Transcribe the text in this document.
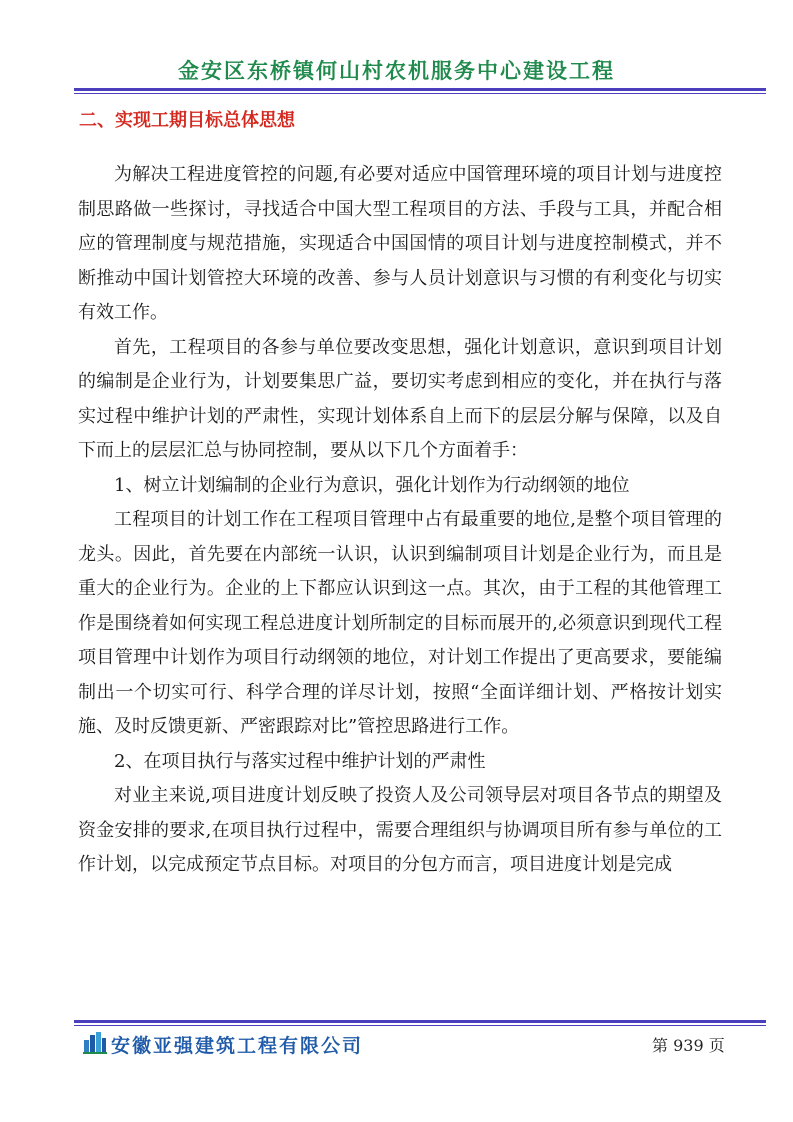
金安区东桥镇何山村农机服务中心建设工程
二、实现工期目标总体思想

为解决工程进度管控的问题,有必要对适应中国管理环境的项目计划与进度控制思路做一些探讨，寻找适合中国大型工程项目的方法、手段与工具，并配合相应的管理制度与规范措施，实现适合中国国情的项目计划与进度控制模式，并不断推动中国计划管控大环境的改善、参与人员计划意识与习惯的有利变化与切实有效工作。

首先，工程项目的各参与单位要改变思想，强化计划意识，意识到项目计划的编制是企业行为，计划要集思广益，要切实考虑到相应的变化，并在执行与落实过程中维护计划的严肃性，实现计划体系自上而下的层层分解与保障，以及自下而上的层层汇总与协同控制，要从以下几个方面着手：

1、树立计划编制的企业行为意识，强化计划作为行动纲领的地位

工程项目的计划工作在工程项目管理中占有最重要的地位,是整个项目管理的龙头。因此，首先要在内部统一认识，认识到编制项目计划是企业行为，而且是重大的企业行为。企业的上下都应认识到这一点。其次，由于工程的其他管理工作是围绕着如何实现工程总进度计划所制定的目标而展开的,必须意识到现代工程项目管理中计划作为项目行动纲领的地位，对计划工作提出了更高要求，要能编制出一个切实可行、科学合理的详尽计划，按照“全面详细计划、严格按计划实施、及时反馈更新、严密跟踪对比”管控思路进行工作。

2、在项目执行与落实过程中维护计划的严肃性

对业主来说,项目进度计划反映了投资人及公司领导层对项目各节点的期望及资金安排的要求,在项目执行过程中，需要合理组织与协调项目所有参与单位的工作计划，以完成预定节点目标。对项目的分包方而言，项目进度计划是完成

安徽亚强建筑工程有限公司	第 939 页
